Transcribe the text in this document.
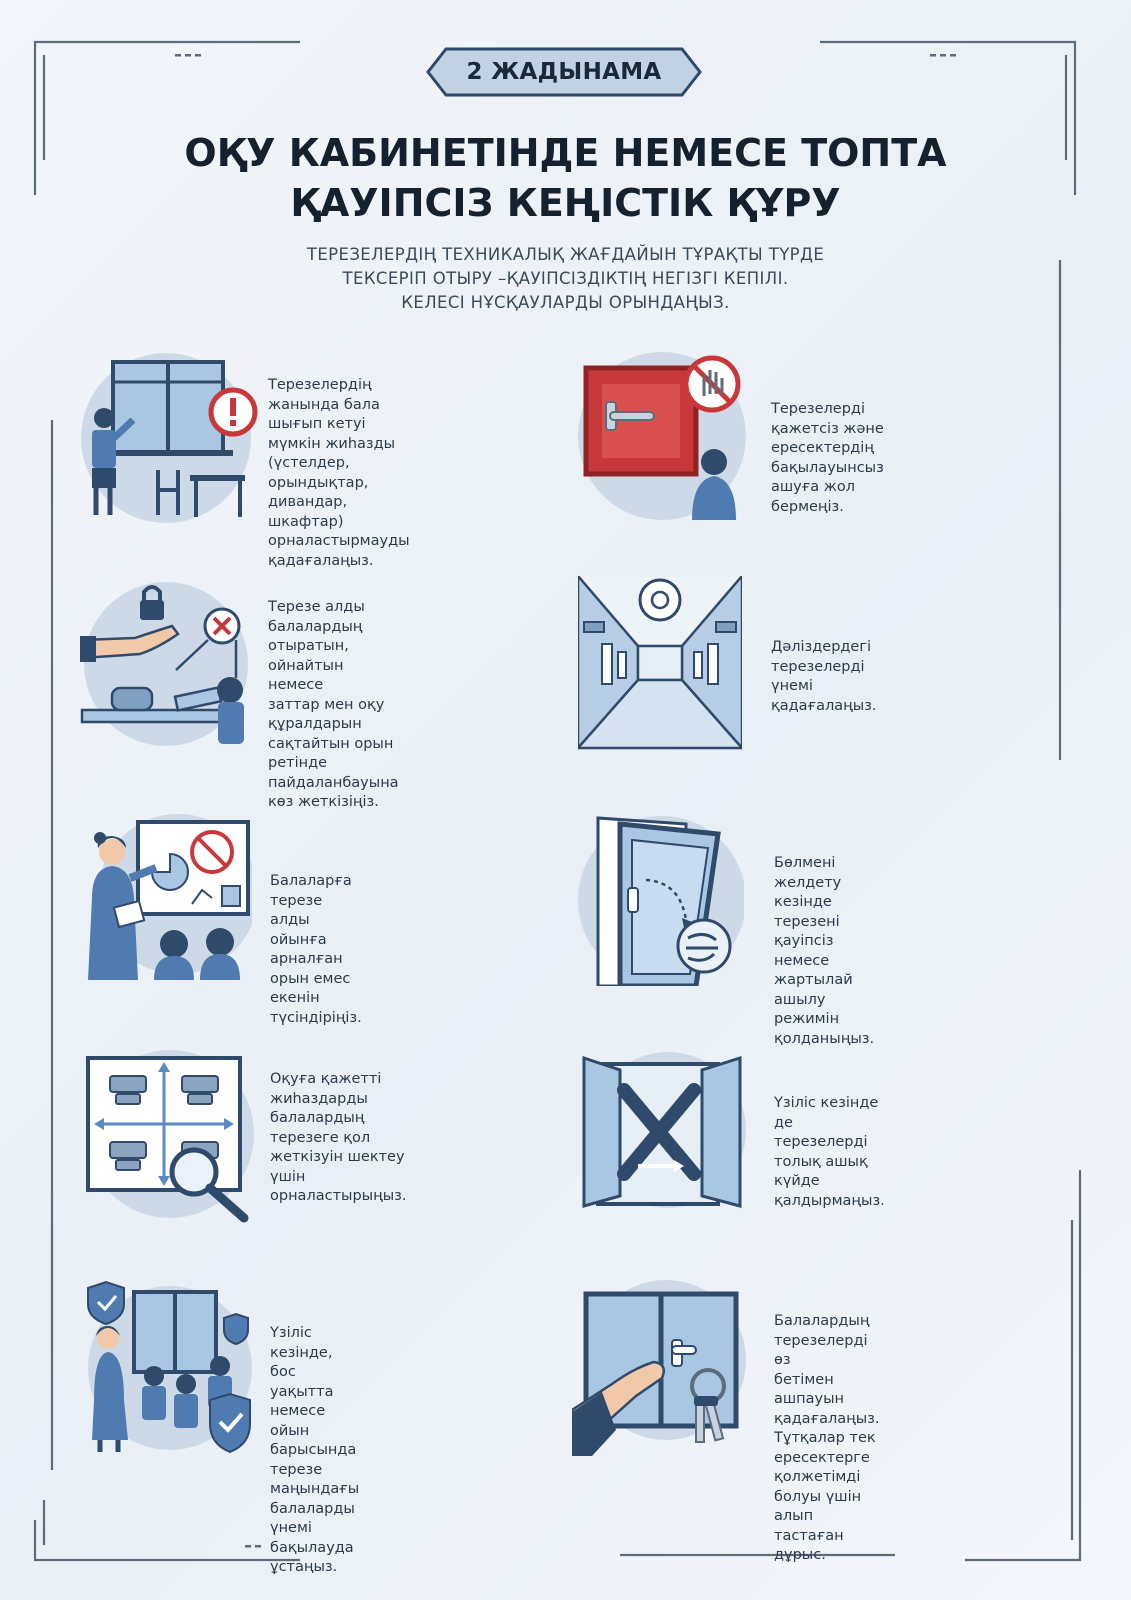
2 ЖАДЫНАМА
ОҚУ КАБИНЕТІНДЕ НЕМЕСЕ ТОПТА
ҚАУІПСІЗ КЕҢІСТІК ҚҰРУ
ТЕРЕЗЕЛЕРДІҢ ТЕХНИКАЛЫҚ ЖАҒДАЙЫН ТҰРАҚТЫ ТҮРДЕ
ТЕКСЕРІП ОТЫРУ –ҚАУІПСІЗДІКТІҢ НЕГІЗГІ КЕПІЛІ.
КЕЛЕСІ НҰСҚАУЛАРДЫ ОРЫНДАҢЫЗ.
Терезелердің жанында бала
шығып кетуі мүмкін жиһазды
(үстелдер, орындықтар,
дивандар, шкафтар)
орналастырмауды
қадағалаңыз.
Терезелерді қажетсіз және
ересектердің бақылауынсыз
ашуға жол бермеңіз.
Терезе алды балалардың
отыратын, ойнайтын немесе
заттар мен оқу құралдарын
сақтайтын орын ретінде
пайдаланбауына көз жеткізіңіз.
Дәліздердегі терезелерді
үнемі қадағалаңыз.
Балаларға терезе алды ойынға
арналған орын емес екенін
түсіндіріңіз.
Бөлмені желдету кезінде
терезені қауіпсіз немесе
жартылай ашылу режимін
қолданыңыз.
Оқуға қажетті жиһаздарды
балалардың терезеге қол
жеткізуін шектеу үшін
орналастырыңыз.
Үзіліс кезінде де терезелерді
толық ашық күйде
қалдырмаңыз.
Үзіліс кезінде, бос уақытта
немесе ойын барысында
терезе маңындағы балаларды
үнемі бақылауда ұстаңыз.
Балалардың терезелерді өз
бетімен ашпауын қадағалаңыз.
Тұтқалар тек ересектерге
қолжетімді болуы үшін алып
тастаған дұрыс.
